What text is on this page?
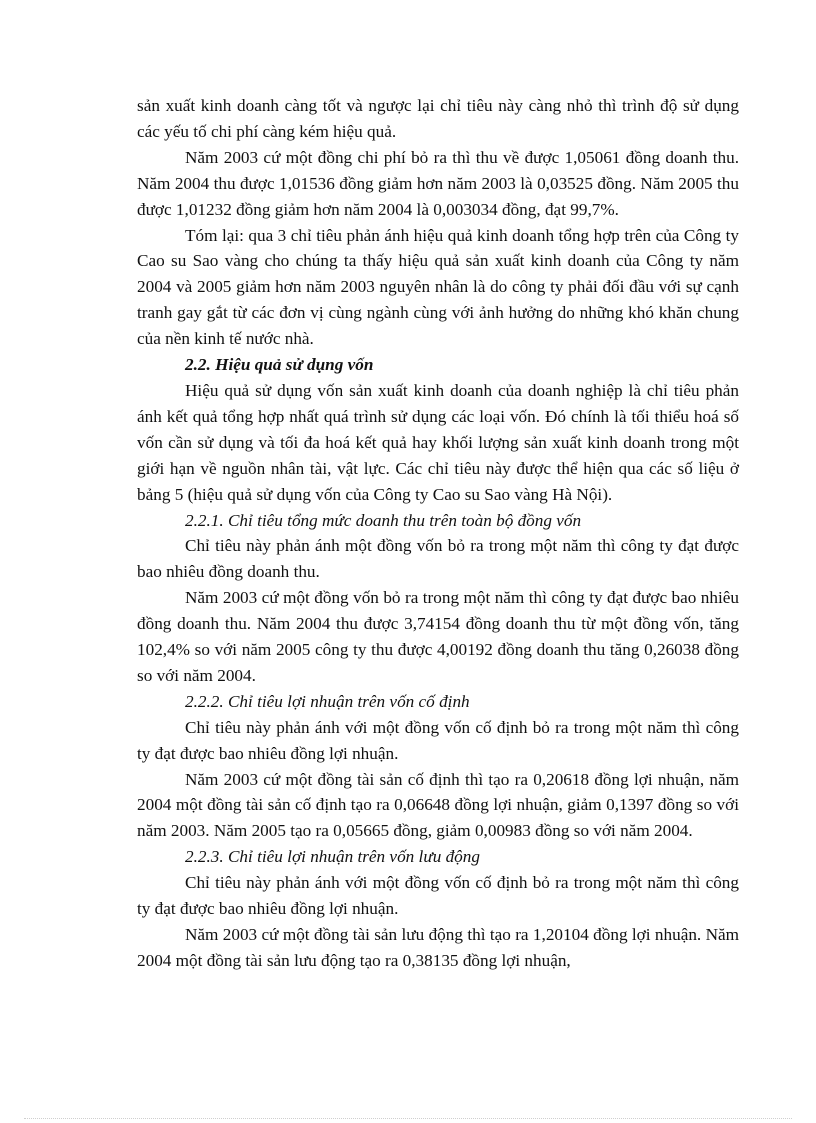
sản xuất kinh doanh càng tốt và ngược lại chỉ tiêu này càng nhỏ thì trình độ sử dụng các yếu tố chi phí càng kém hiệu quả.

Năm 2003 cứ một đồng chi phí bỏ ra thì thu về được 1,05061 đồng doanh thu. Năm 2004 thu được 1,01536 đồng giảm hơn năm 2003 là 0,03525 đồng. Năm 2005 thu được 1,01232 đồng giảm hơn năm 2004 là 0,003034 đồng, đạt 99,7%.

Tóm lại: qua 3 chỉ tiêu phản ánh hiệu quả kinh doanh tổng hợp trên của Công ty Cao su Sao vàng cho chúng ta thấy hiệu quả sản xuất kinh doanh của Công ty năm 2004 và 2005 giảm hơn năm 2003 nguyên nhân là do công ty phải đối đầu với sự cạnh tranh gay gắt từ các đơn vị cùng ngành cùng với ảnh hưởng do những khó khăn chung của nền kinh tế nước nhà.

2.2. Hiệu quả sử dụng vốn

Hiệu quả sử dụng vốn sản xuất kinh doanh của doanh nghiệp là chỉ tiêu phản ánh kết quả tổng hợp nhất quá trình sử dụng các loại vốn. Đó chính là tối thiểu hoá số vốn cần sử dụng và tối đa hoá kết quả hay khối lượng sản xuất kinh doanh trong một giới hạn về nguồn nhân tài, vật lực. Các chỉ tiêu này được thể hiện qua các số liệu ở bảng 5 (hiệu quả sử dụng vốn của Công ty Cao su Sao vàng Hà Nội).

2.2.1. Chỉ tiêu tổng mức doanh thu trên toàn bộ đồng vốn

Chỉ tiêu này phản ánh một đồng vốn bỏ ra trong một năm thì công ty đạt được bao nhiêu đồng doanh thu.

Năm 2003 cứ một đồng vốn bỏ ra trong một năm thì công ty đạt được bao nhiêu đồng doanh thu. Năm 2004 thu được 3,74154 đồng doanh thu từ một đồng vốn, tăng 102,4% so với năm 2005 công ty thu được 4,00192 đồng doanh thu tăng 0,26038 đồng so với năm 2004.

2.2.2. Chỉ tiêu lợi nhuận trên vốn cố định

Chỉ tiêu này phản ánh với một đồng vốn cố định bỏ ra trong một năm thì công ty đạt được bao nhiêu đồng lợi nhuận.

Năm 2003 cứ một đồng tài sản cố định thì tạo ra 0,20618 đồng lợi nhuận, năm 2004 một đồng tài sản cố định tạo ra 0,06648 đồng lợi nhuận, giảm 0,1397 đồng so với năm 2003. Năm 2005 tạo ra 0,05665 đồng, giảm 0,00983 đồng so với năm 2004.

2.2.3. Chỉ tiêu lợi nhuận trên vốn lưu động

Chỉ tiêu này phản ánh với một đồng vốn cố định bỏ ra trong một năm thì công ty đạt được bao nhiêu đồng lợi nhuận.

Năm 2003 cứ một đồng tài sản lưu động thì tạo ra 1,20104 đồng lợi nhuận. Năm 2004 một đồng tài sản lưu động tạo ra 0,38135 đồng lợi nhuận,
